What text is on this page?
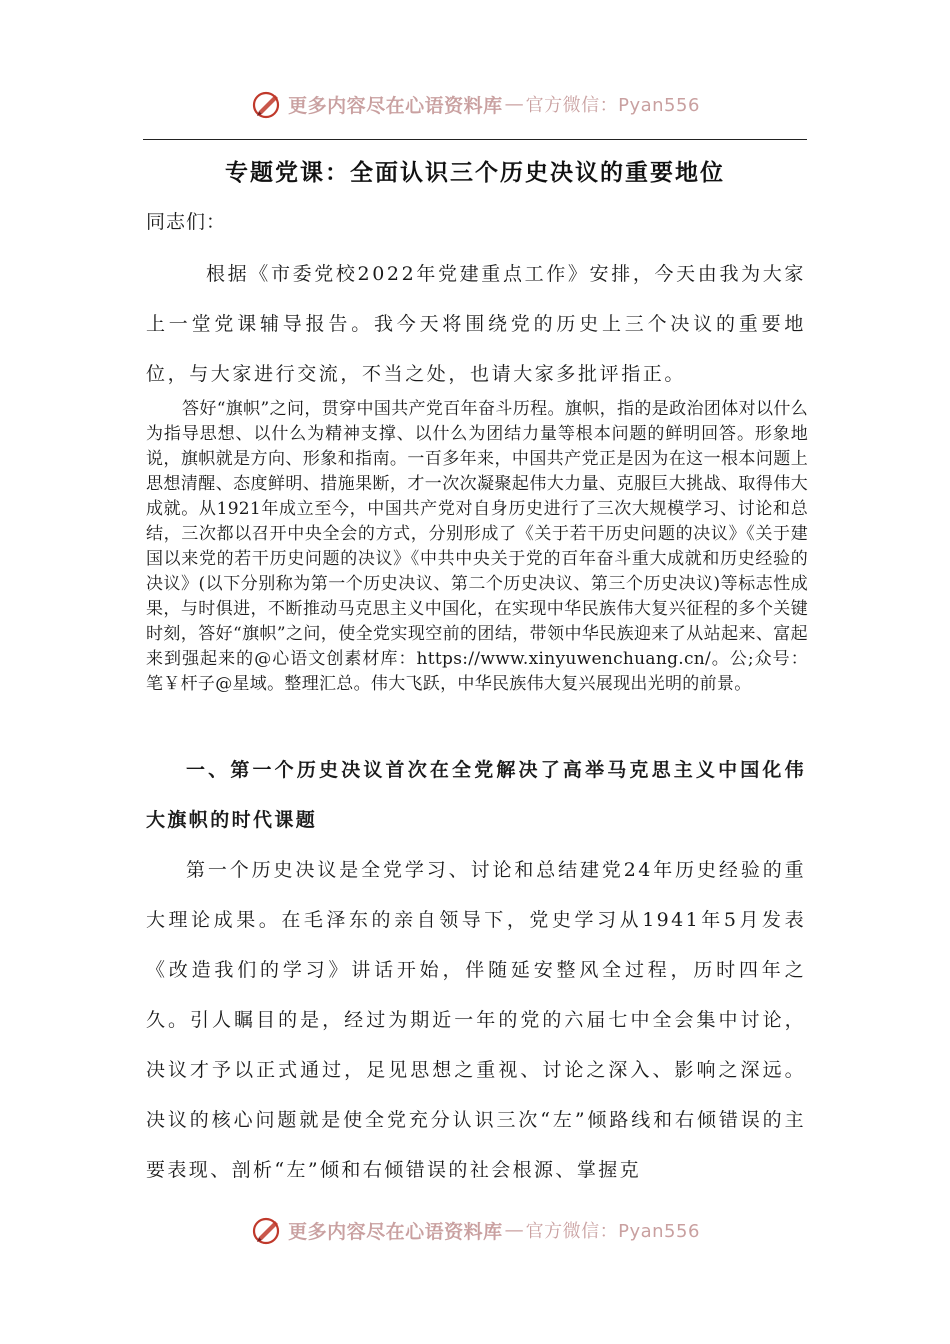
更多内容尽在心语资料库 — 官方微信：Pyan556
专题党课：全面认识三个历史决议的重要地位
同志们：

根据《市委党校2022年党建重点工作》安排，今天由我为大家上一堂党课辅导报告。我今天将围绕党的历史上三个决议的重要地位，与大家进行交流，不当之处，也请大家多批评指正。

答好“旗帜”之问，贯穿中国共产党百年奋斗历程。旗帜，指的是政治团体对以什么为指导思想、以什么为精神支撑、以什么为团结力量等根本问题的鲜明回答。形象地说，旗帜就是方向、形象和指南。一百多年来，中国共产党正是因为在这一根本问题上思想清醒、态度鲜明、措施果断，才一次次凝聚起伟大力量、克服巨大挑战、取得伟大成就。从1921年成立至今，中国共产党对自身历史进行了三次大规模学习、讨论和总结，三次都以召开中央全会的方式，分别形成了《关于若干历史问题的决议》《关于建国以来党的若干历史问题的决议》《中共中央关于党的百年奋斗重大成就和历史经验的决议》(以下分别称为第一个历史决议、第二个历史决议、第三个历史决议)等标志性成果，与时俱进，不断推动马克思主义中国化，在实现中华民族伟大复兴征程的多个关键时刻，答好“旗帜”之问，使全党实现空前的团结，带领中华民族迎来了从站起来、富起来到强起来的@心语文创素材库：https://www.xinyuwenchuang.cn/。公;众号：笔￥杆子@星域。整理汇总。伟大飞跃，中华民族伟大复兴展现出光明的前景。

一、第一个历史决议首次在全党解决了高举马克思主义中国化伟大旗帜的时代课题

第一个历史决议是全党学习、讨论和总结建党24年历史经验的重大理论成果。在毛泽东的亲自领导下，党史学习从1941年5月发表《改造我们的学习》讲话开始，伴随延安整风全过程，历时四年之久。引人瞩目的是，经过为期近一年的党的六届七中全会集中讨论，决议才予以正式通过，足见思想之重视、讨论之深入、影响之深远。决议的核心问题就是使全党充分认识三次“左”倾路线和右倾错误的主要表现、剖析“左”倾和右倾错误的社会根源、掌握克

更多内容尽在心语资料库 — 官方微信：Pyan556
